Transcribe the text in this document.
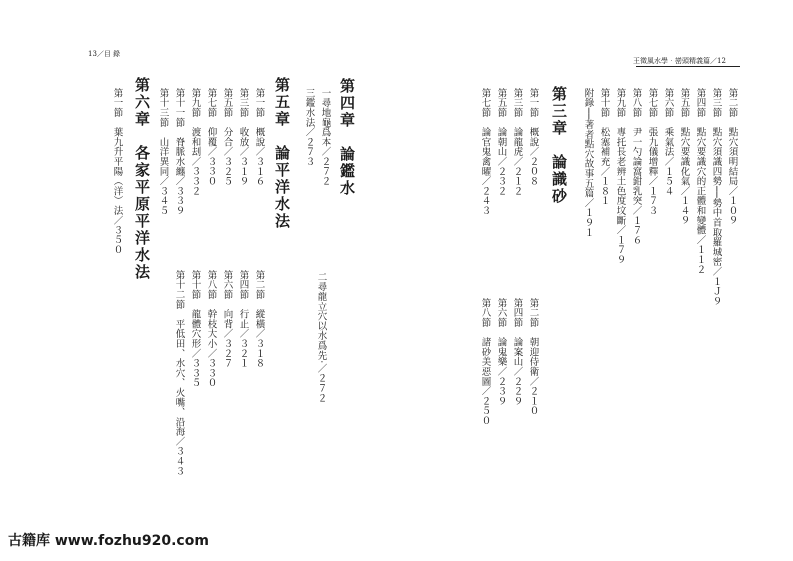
13／目 錄
王徵風水學‧巒頭精義篇／12
第二節　點穴須明結局／１０９
第三節　點穴須識四勢──勢中首取羅城密／１Ｊ９
第四節　點穴要識穴的正體和變體／１１２
第五節　點穴要識化氣／１４９
第六節　乘氣法／１５４
第七節　張九儀增釋／１７３
第八節　尹一勺論窩鉗乳突／１７６
第九節　專托長老辨土色度坟斷／１７９
第十節　松塞補充／１８１
附錄──著者點穴故事五篇／１９１
第三章　論識砂
第一節　概說／２０８
第三節　論龍虎／２１２
第五節　論朝山／２３２
第七節　論官鬼禽曜／２４３
第二節　朝迎侍衛／２１０
第四節　論案山／２２９
第六節　論鬼樂／２３９
第八節　諸砂美惡圖／２５０
二尋龍立穴以水爲先‧／２７２
第四章　論鑑水
一尋地龜爲本／２７２
三鑑水法／２７３
第五章　論平洋水法
第一節　概說／３１６
第三節　收放／３１９
第五節　分合／３２５
第七節　仰覆／３３０
第九節　渡和刦／３３２
第十一節　脊脈水纏／３３９
第十三節　山洋異同／３４５
第二節　縱橫／３１８
第四節　行止／３２１
第六節　向背／３２７
第八節　幹枝大小／３３０
第十節　龍體穴形／３３５
第十二節　平低田、水穴、火嘴、沿海／３４３
第六章　各家平原平洋水法
第一節　葉九升平陽（洋）法／３５０
古籍库 www.fozhu920.com
